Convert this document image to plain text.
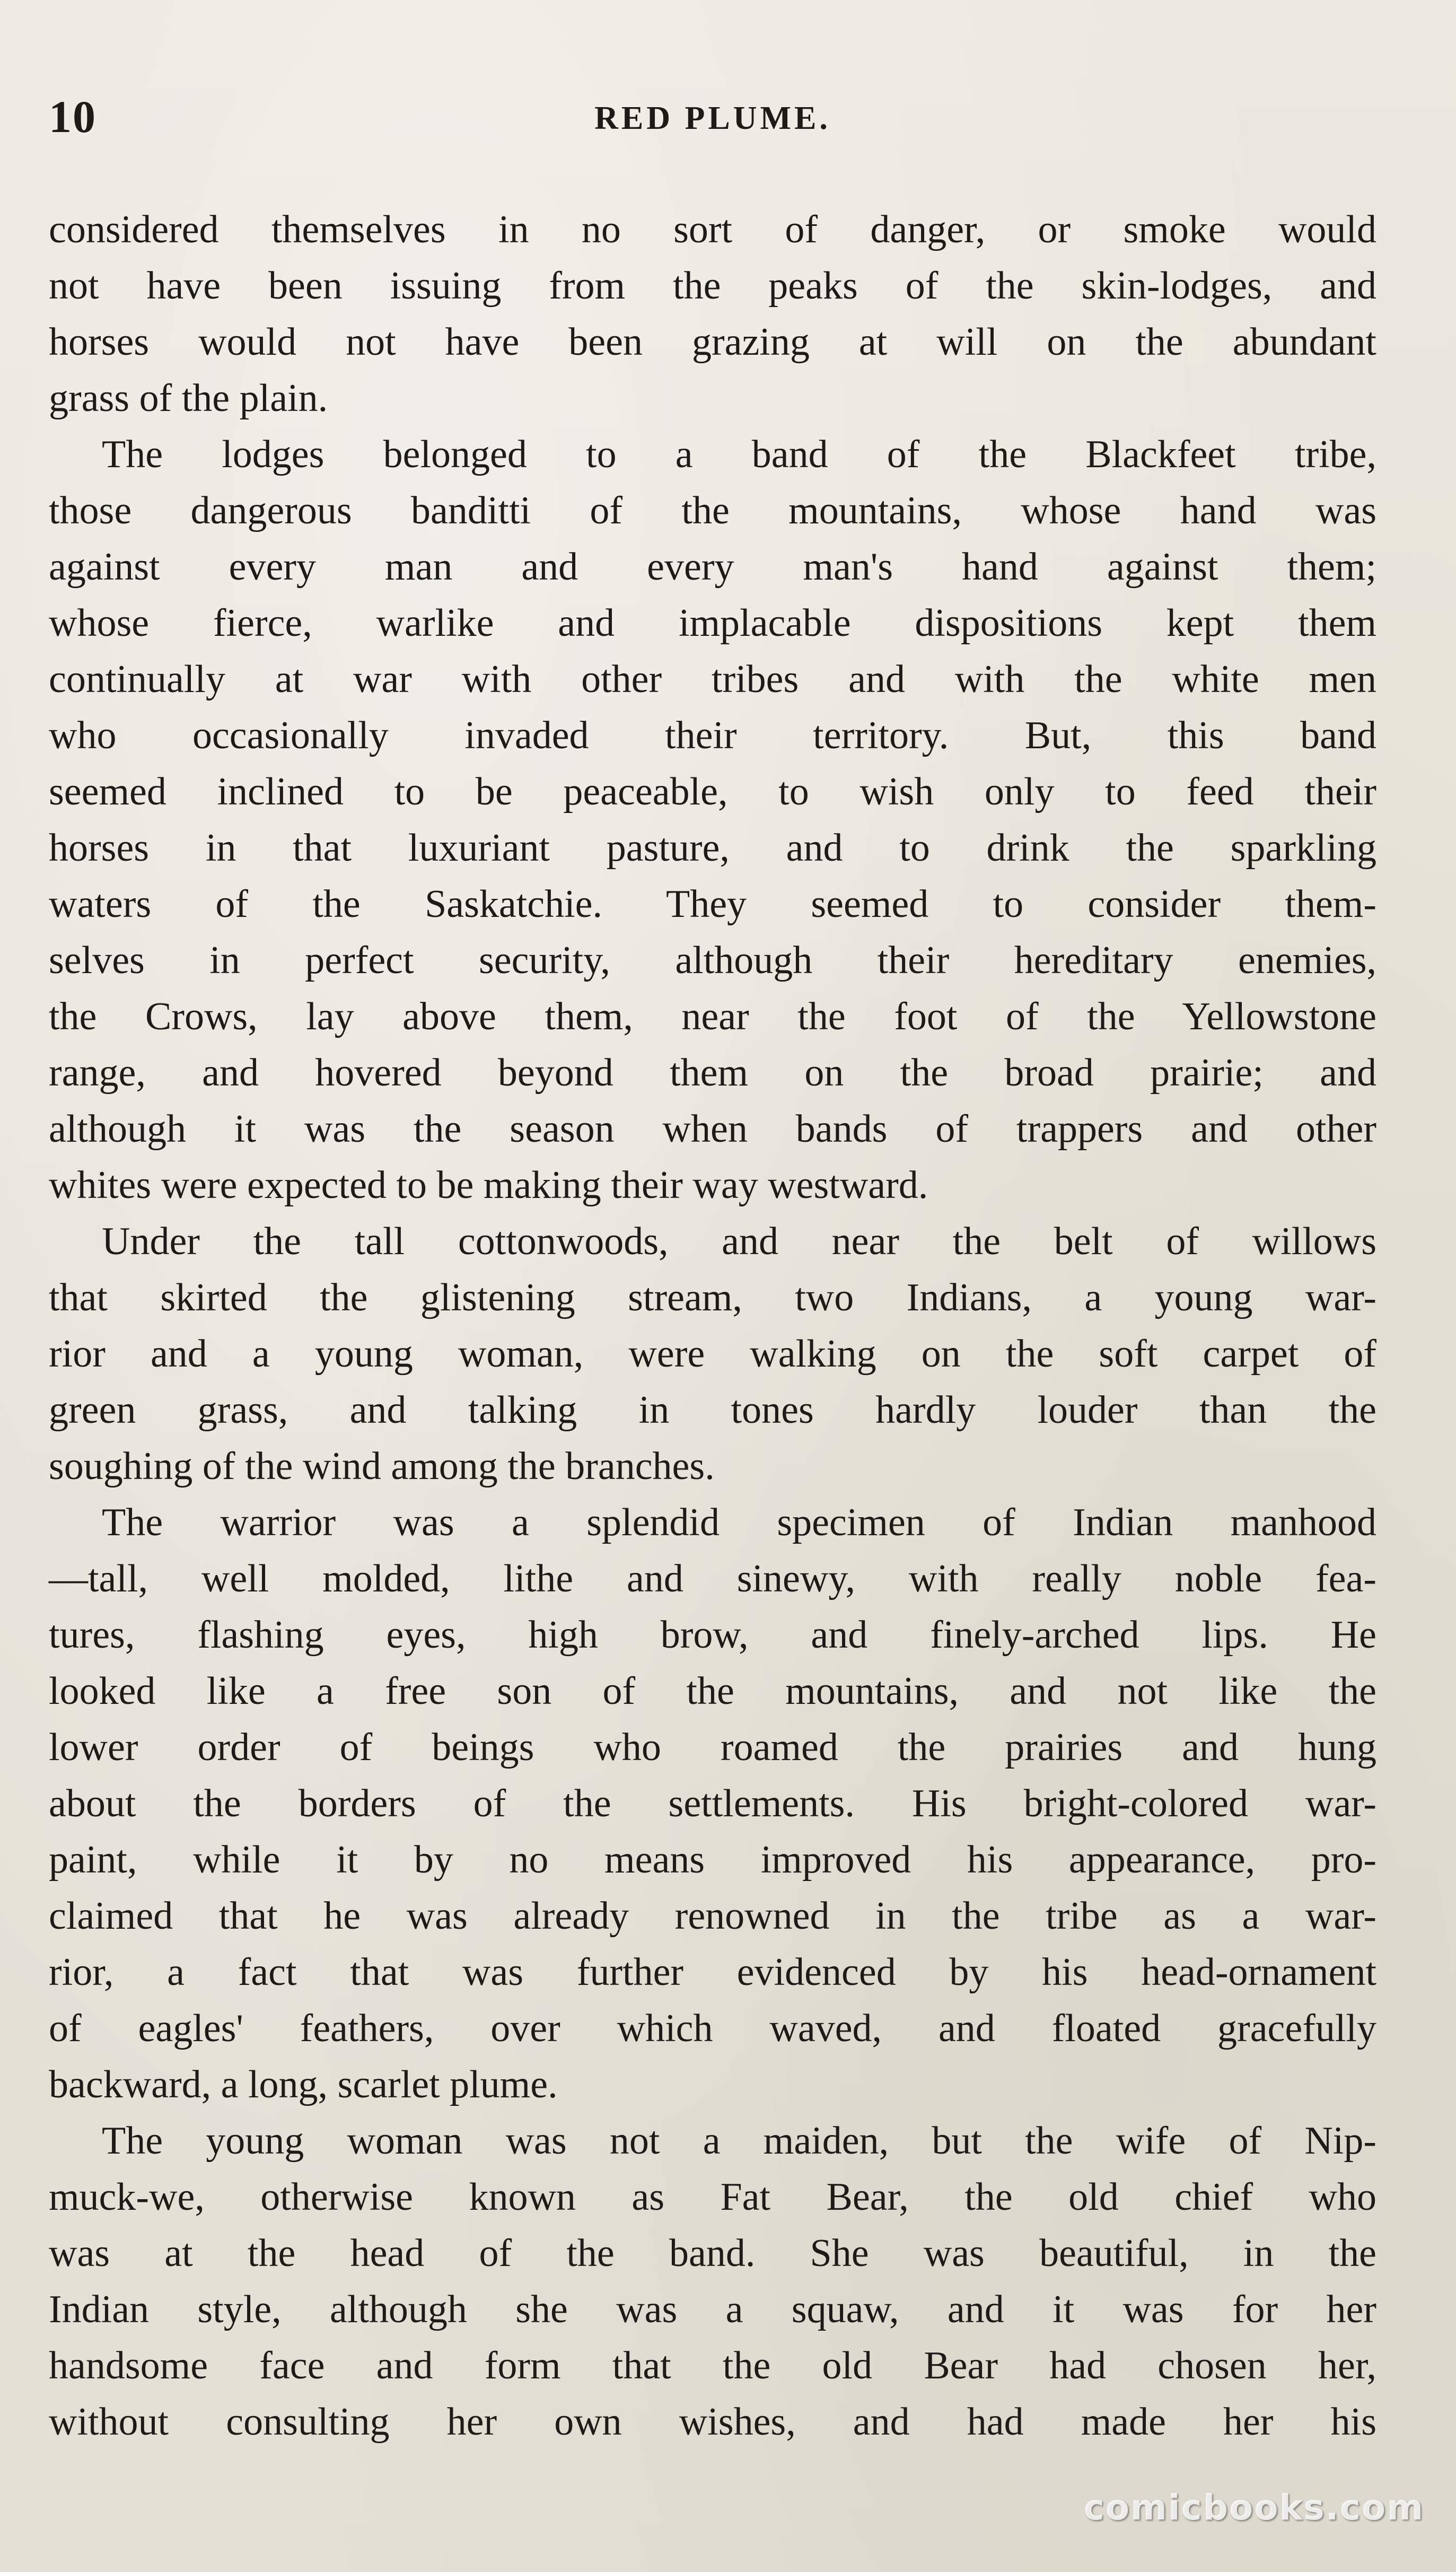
10	RED PLUME.
considered themselves in no sort of danger, or smoke would
not have been issuing from the peaks of the skin-lodges, and
horses would not have been grazing at will on the abundant
grass of the plain.
The lodges belonged to a band of the Blackfeet tribe,
those dangerous banditti of the mountains, whose hand was
against every man and every man's hand against them;
whose fierce, warlike and implacable dispositions kept them
continually at war with other tribes and with the white men
who occasionally invaded their territory. But, this band
seemed inclined to be peaceable, to wish only to feed their
horses in that luxuriant pasture, and to drink the sparkling
waters of the Saskatchie. They seemed to consider them-
selves in perfect security, although their hereditary enemies,
the Crows, lay above them, near the foot of the Yellowstone
range, and hovered beyond them on the broad prairie; and
although it was the season when bands of trappers and other
whites were expected to be making their way westward.
Under the tall cottonwoods, and near the belt of willows
that skirted the glistening stream, two Indians, a young war-
rior and a young woman, were walking on the soft carpet of
green grass, and talking in tones hardly louder than the
soughing of the wind among the branches.
The warrior was a splendid specimen of Indian manhood
—tall, well molded, lithe and sinewy, with really noble fea-
tures, flashing eyes, high brow, and finely-arched lips. He
looked like a free son of the mountains, and not like the
lower order of beings who roamed the prairies and hung
about the borders of the settlements. His bright-colored war-
paint, while it by no means improved his appearance, pro-
claimed that he was already renowned in the tribe as a war-
rior, a fact that was further evidenced by his head-ornament
of eagles' feathers, over which waved, and floated gracefully
backward, a long, scarlet plume.
The young woman was not a maiden, but the wife of Nip-
muck-we, otherwise known as Fat Bear, the old chief who
was at the head of the band. She was beautiful, in the
Indian style, although she was a squaw, and it was for her
handsome face and form that the old Bear had chosen her,
without consulting her own wishes, and had made her his
comicbooks.com
